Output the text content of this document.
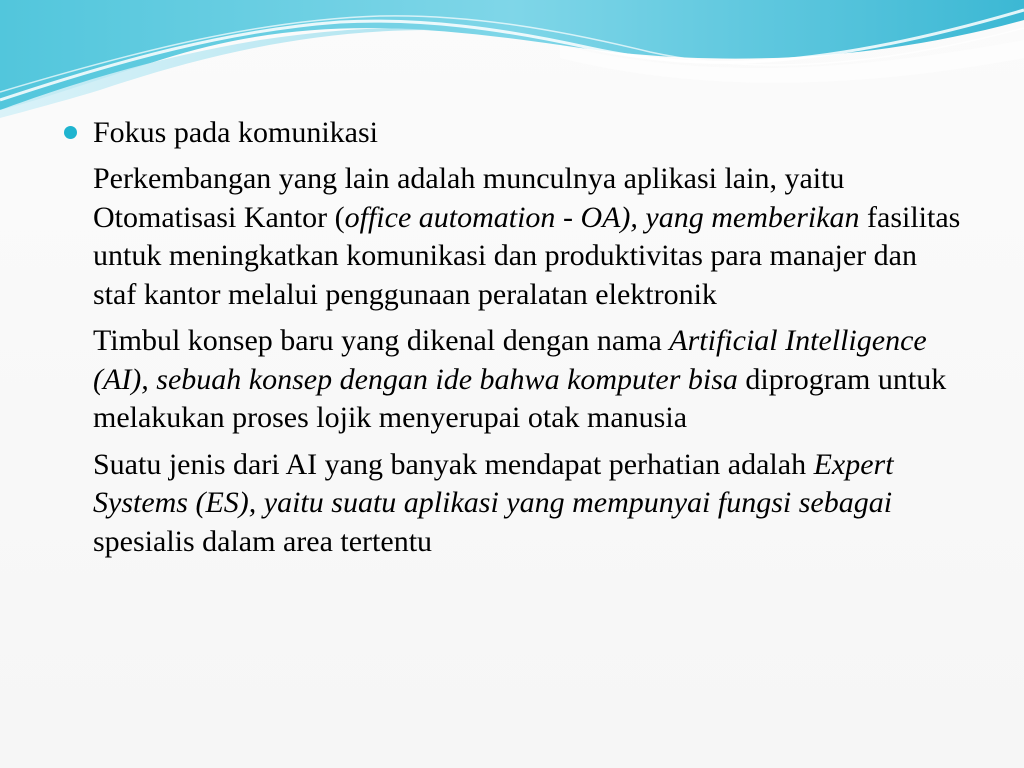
Fokus pada komunikasi
Perkembangan yang lain adalah munculnya aplikasi lain, yaitu Otomatisasi Kantor (office automation - OA), yang memberikan fasilitas untuk meningkatkan komunikasi dan produktivitas para manajer dan staf kantor melalui penggunaan peralatan elektronik
Timbul konsep baru yang dikenal dengan nama Artificial Intelligence (AI), sebuah konsep dengan ide bahwa komputer bisa diprogram untuk melakukan proses lojik menyerupai otak manusia
Suatu jenis dari AI yang banyak mendapat perhatian adalah Expert Systems (ES), yaitu suatu aplikasi yang mempunyai fungsi sebagai spesialis dalam area tertentu
